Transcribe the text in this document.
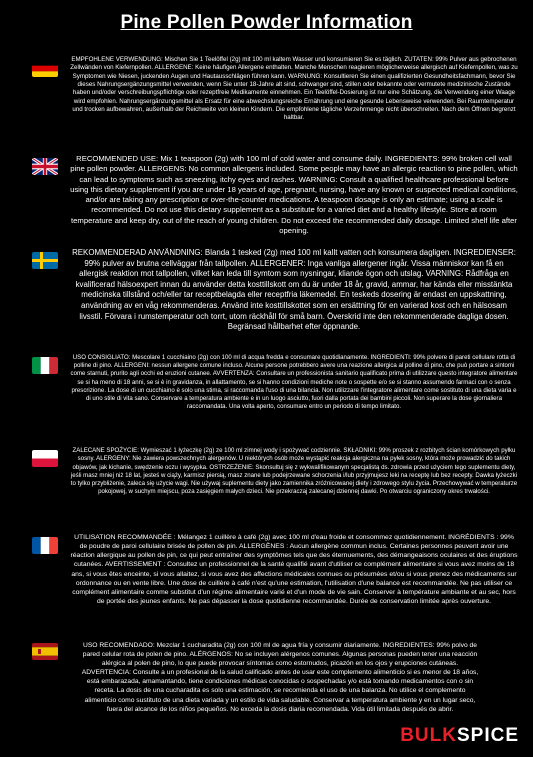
Pine Pollen Powder Information
EMPFOHLENE VERWENDUNG: Mischen Sie 1 Teelöffel (2g) mit 100 ml kaltem Wasser und konsumieren Sie es täglich. ZUTATEN: 99% Pulver aus gebrochenen Zellwänden von Kiefernpollen. ALLERGENE: Keine häufigen Allergene enthalten. Manche Menschen reagieren möglicherweise allergisch auf Kiefernpollen, was zu Symptomen wie Niesen, juckenden Augen und Hautausschlägen führen kann. WARNUNG: Konsultieren Sie einen qualifizierten Gesundheitsfachmann, bevor Sie dieses Nahrungsergänzungsmittel verwenden, wenn Sie unter 18-Jahre alt sind, schwanger sind, stillen oder bekannte oder vermutete medizinische Zustände haben und/oder verschreibungspflichtige oder rezeptfreie Medikamente einnehmen. Ein Teelöffel-Dosierung ist nur eine Schätzung, die Verwendung einer Waage wird empfohlen. Nahrungsergänzungsmittel als Ersatz für eine abwechslungsreiche Ernährung und eine gesunde Lebensweise verwenden. Bei Raumtemperatur und trocken aufbewahren, außerhalb der Reichweite von kleinen Kindern. Die empfohlene tägliche Verzehrmenge nicht überschreiten. Nach dem Öffnen begrenzt haltbar.
RECOMMENDED USE: Mix 1 teaspoon (2g) with 100 ml of cold water and consume daily. INGREDIENTS: 99% broken cell wall pine pollen powder. ALLERGENS: No common allergens included. Some people may have an allergic reaction to pine pollen, which can lead to symptoms such as sneezing, itchy eyes and rashes. WARNING: Consult a qualified healthcare professional before using this dietary supplement if you are under 18 years of age, pregnant, nursing, have any known or suspected medical conditions, and/or are taking any prescription or over-the-counter medications. A teaspoon dosage is only an estimate; using a scale is recommended. Do not use this dietary supplement as a substitute for a varied diet and a healthy lifestyle. Store at room temperature and keep dry, out of the reach of young children. Do not exceed the recommended daily dosage. Limited shelf life after opening.
REKOMMENDERAD ANVÄNDNING: Blanda 1 tesked (2g) med 100 ml kallt vatten och konsumera dagligen. INGREDIENSER: 99% pulver av brutna cellväggar från tallpollen. ALLERGENER: Inga vanliga allergener ingår. Vissa människor kan få en allergisk reaktion mot tallpollen, vilket kan leda till symtom som nysningar, kliande ögon och utslag. VARNING: Rådfråga en kvalificerad hälsoexpert innan du använder detta kosttillskott om du är under 18 år, gravid, ammar, har kända eller misstänkta medicinska tillstånd och/eller tar receptbelagda eller receptfria läkemedel. En teskeds dosering är endast en uppskattning, användning av en våg rekommenderas. Använd inte kosttillskottet som en ersättning för en varierad kost och en hälsosam livsstil. Förvara i rumstemperatur och torrt, utom räckhåll för små barn. Överskrid inte den rekommenderade dagliga dosen. Begränsad hållbarhet efter öppnande.
USO CONSIGLIATO: Mescolare 1 cucchiaino (2g) con 100 ml di acqua fredda e consumare quotidianamente. INGREDIENTI: 99% polvere di pareti cellulare rotta di polline di pino. ALLERGENI: nessun allergene comune incluso. Alcune persone potrebbero avere una reazione allergica al polline di pino, che può portare a sintomi come starnuti, prurito agli occhi ed eruzioni cutanee. AVVERTENZA: Consultare un professionista sanitario qualificato prima di utilizzare questo integratore alimentare se si ha meno di 18 anni, se si è in gravidanza, in allattamento, se si hanno condizioni mediche note o sospette e/o se si stanno assumendo farmaci con o senza prescrizione. La dose di un cucchiaino è solo una stima, si raccomanda l'uso di una bilancia. Non utilizzare l'integratore alimentare come sostituto di una dieta varia e di uno stile di vita sano. Conservare a temperatura ambiente e in un luogo asciutto, fuori dalla portata dei bambini piccoli. Non superare la dose giornaliera raccomandata. Una volta aperto, consumare entro un periodo di tempo limitato.
ZALECANE SPOŻYCIE: Wymieszać 1 łyżeczkę (2g) ze 100 ml zimnej wody i spożywać codziennie. SKŁADNIKI: 99% proszek z rozbitych ścian komórkowych pyłku sosny. ALERGENY: Nie zawiera powszechnych alergenów. U niektórych osób może wystąpić reakcja alergiczna na pyłek sosny, która może prowadzić do takich objawów, jak kichanie, swędzenie oczu i wysypka. OSTRZEŻENIE: Skonsultuj się z wykwalifikowanym specjalistą ds. zdrowia przed użyciem tego suplementu diety, jeśli masz mniej niż 18 lat, jesteś w ciąży, karmisz piersią, masz znane lub podejrzewane schorzenia i/lub przyjmujesz leki na receptę lub bez recepty. Dawka łyżeczki to tylko przybliżenie, zaleca się użycie wagi. Nie używaj suplementu diety jako zamiennika zróżnicowanej diety i zdrowego stylu życia. Przechowywać w temperaturze pokojowej, w suchym miejscu, poza zasięgiem małych dzieci. Nie przekraczaj zalecanej dziennej dawki. Po otwarciu ograniczony okres trwałości.
UTILISATION RECOMMANDÉE : Mélangez 1 cuillère à café (2g) avec 100 ml d'eau froide et consommez quotidiennement. INGRÉDIENTS : 99% de poudre de paroi cellulaire brisée de pollen de pin. ALLERGÈNES : Aucun allergène commun inclus. Certaines personnes peuvent avoir une réaction allergique au pollen de pin, ce qui peut entraîner des symptômes tels que des éternuements, des démangeaisons oculaires et des éruptions cutanées. AVERTISSEMENT : Consultez un professionnel de la santé qualifié avant d'utiliser ce complément alimentaire si vous avez moins de 18 ans, si vous êtes enceinte, si vous allaitez, si vous avez des affections médicales connues ou présumées et/ou si vous prenez des médicaments sur ordonnance ou en vente libre. Une dose de cuillère à café n'est qu'une estimation, l'utilisation d'une balance est recommandée. Ne pas utiliser ce complément alimentaire comme substitut d'un régime alimentaire varié et d'un mode de vie sain. Conserver à température ambiante et au sec, hors de portée des jeunes enfants. Ne pas dépasser la dose quotidienne recommandée. Durée de conservation limitée après ouverture.
USO RECOMENDADO: Mezclar 1 cucharadita (2g) con 100 ml de agua fría y consumir diariamente. INGREDIENTES: 99% polvo de pared celular rota de polen de pino. ALÉRGENOS: No se incluyen alérgenos comunes. Algunas personas pueden tener una reacción alérgica al polen de pino, lo que puede provocar síntomas como estornudos, picazón en los ojos y erupciones cutáneas. ADVERTENCIA: Consulte a un profesional de la salud calificado antes de usar este complemento alimenticio si es menor de 18 años, está embarazada, amamantando, tiene condiciones médicas conocidas o sospechadas y/o está tomando medicamentos con o sin receta. La dosis de una cucharadita es solo una estimación, se recomienda el uso de una balanza. No utilice el complemento alimenticio como sustituto de una dieta variada y un estilo de vida saludable. Conservar a temperatura ambiente y en un lugar seco, fuera del alcance de los niños pequeños. No exceda la dosis diaria recomendada. Vida útil limitada después de abrir.
BULKSPICE
